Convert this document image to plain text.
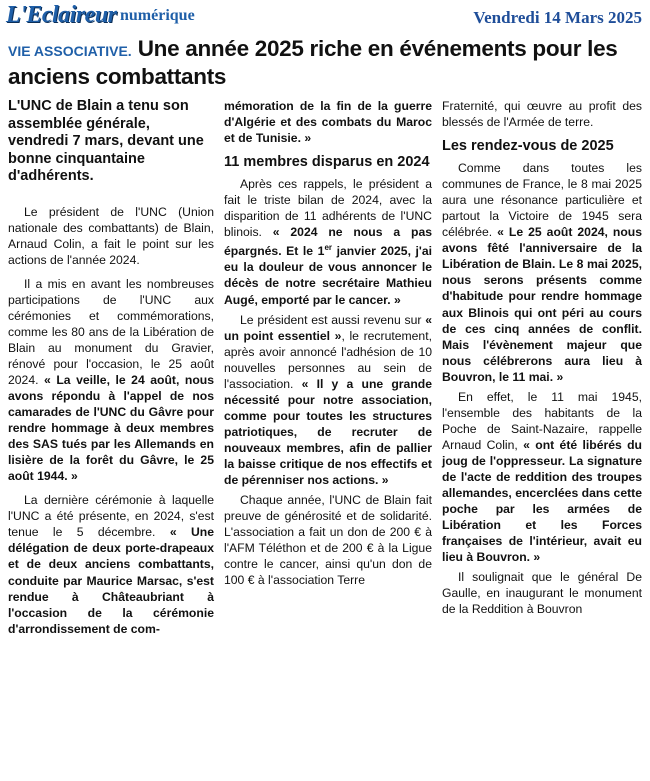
L'Eclaireur numérique	Vendredi 14 Mars 2025
VIE ASSOCIATIVE. Une année 2025 riche en événements pour les anciens combattants

L'UNC de Blain a tenu son assemblée générale, vendredi 7 mars, devant une bonne cinquantaine d'adhérents.

Le président de l'UNC (Union nationale des combattants) de Blain, Arnaud Colin, a fait le point sur les actions de l'année 2024.

Il a mis en avant les nombreuses participations de l'UNC aux cérémonies et commémorations, comme les 80 ans de la Libération de Blain au monument du Gravier, rénové pour l'occasion, le 25 août 2024. « La veille, le 24 août, nous avons répondu à l'appel de nos camarades de l'UNC du Gâvre pour rendre hommage à deux membres des SAS tués par les Allemands en lisière de la forêt du Gâvre, le 25 août 1944. »

La dernière cérémonie à laquelle l'UNC a été présente, en 2024, s'est tenue le 5 décembre. « Une délégation de deux porte-drapeaux et de deux anciens combattants, conduite par Maurice Marsac, s'est rendue à Châteaubriant à l'occasion de la cérémonie d'arrondissement de com-

mémoration de la fin de la guerre d'Algérie et des combats du Maroc et de Tunisie. »

11 membres disparus en 2024

Après ces rappels, le président a fait le triste bilan de 2024, avec la disparition de 11 adhérents de l'UNC blinois. « 2024 ne nous a pas épargnés. Et le 1er janvier 2025, j'ai eu la douleur de vous annoncer le décès de notre secrétaire Mathieu Augé, emporté par le cancer. »

Le président est aussi revenu sur « un point essentiel », le recrutement, après avoir annoncé l'adhésion de 10 nouvelles personnes au sein de l'association. « Il y a une grande nécessité pour notre association, comme pour toutes les structures patriotiques, de recruter de nouveaux membres, afin de pallier la baisse critique de nos effectifs et de pérenniser nos actions. »

Chaque année, l'UNC de Blain fait preuve de générosité et de solidarité. L'association a fait un don de 200 € à l'AFM Téléthon et de 200 € à la Ligue contre le cancer, ainsi qu'un don de 100 € à l'association Terre

Fraternité, qui œuvre au profit des blessés de l'Armée de terre.

Les rendez-vous de 2025

Comme dans toutes les communes de France, le 8 mai 2025 aura une résonance particulière et partout la Victoire de 1945 sera célébrée. « Le 25 août 2024, nous avons fêté l'anniversaire de la Libération de Blain. Le 8 mai 2025, nous serons présents comme d'habitude pour rendre hommage aux Blinois qui ont péri au cours de ces cinq années de conflit. Mais l'évènement majeur que nous célébrerons aura lieu à Bouvron, le 11 mai. »

En effet, le 11 mai 1945, l'ensemble des habitants de la Poche de Saint-Nazaire, rappelle Arnaud Colin, « ont été libérés du joug de l'oppresseur. La signature de l'acte de reddition des troupes allemandes, encerclées dans cette poche par les armées de Libération et les Forces françaises de l'intérieur, avait eu lieu à Bouvron. »

Il soulignait que le général De Gaulle, en inaugurant le monument de la Reddition à Bouvron
